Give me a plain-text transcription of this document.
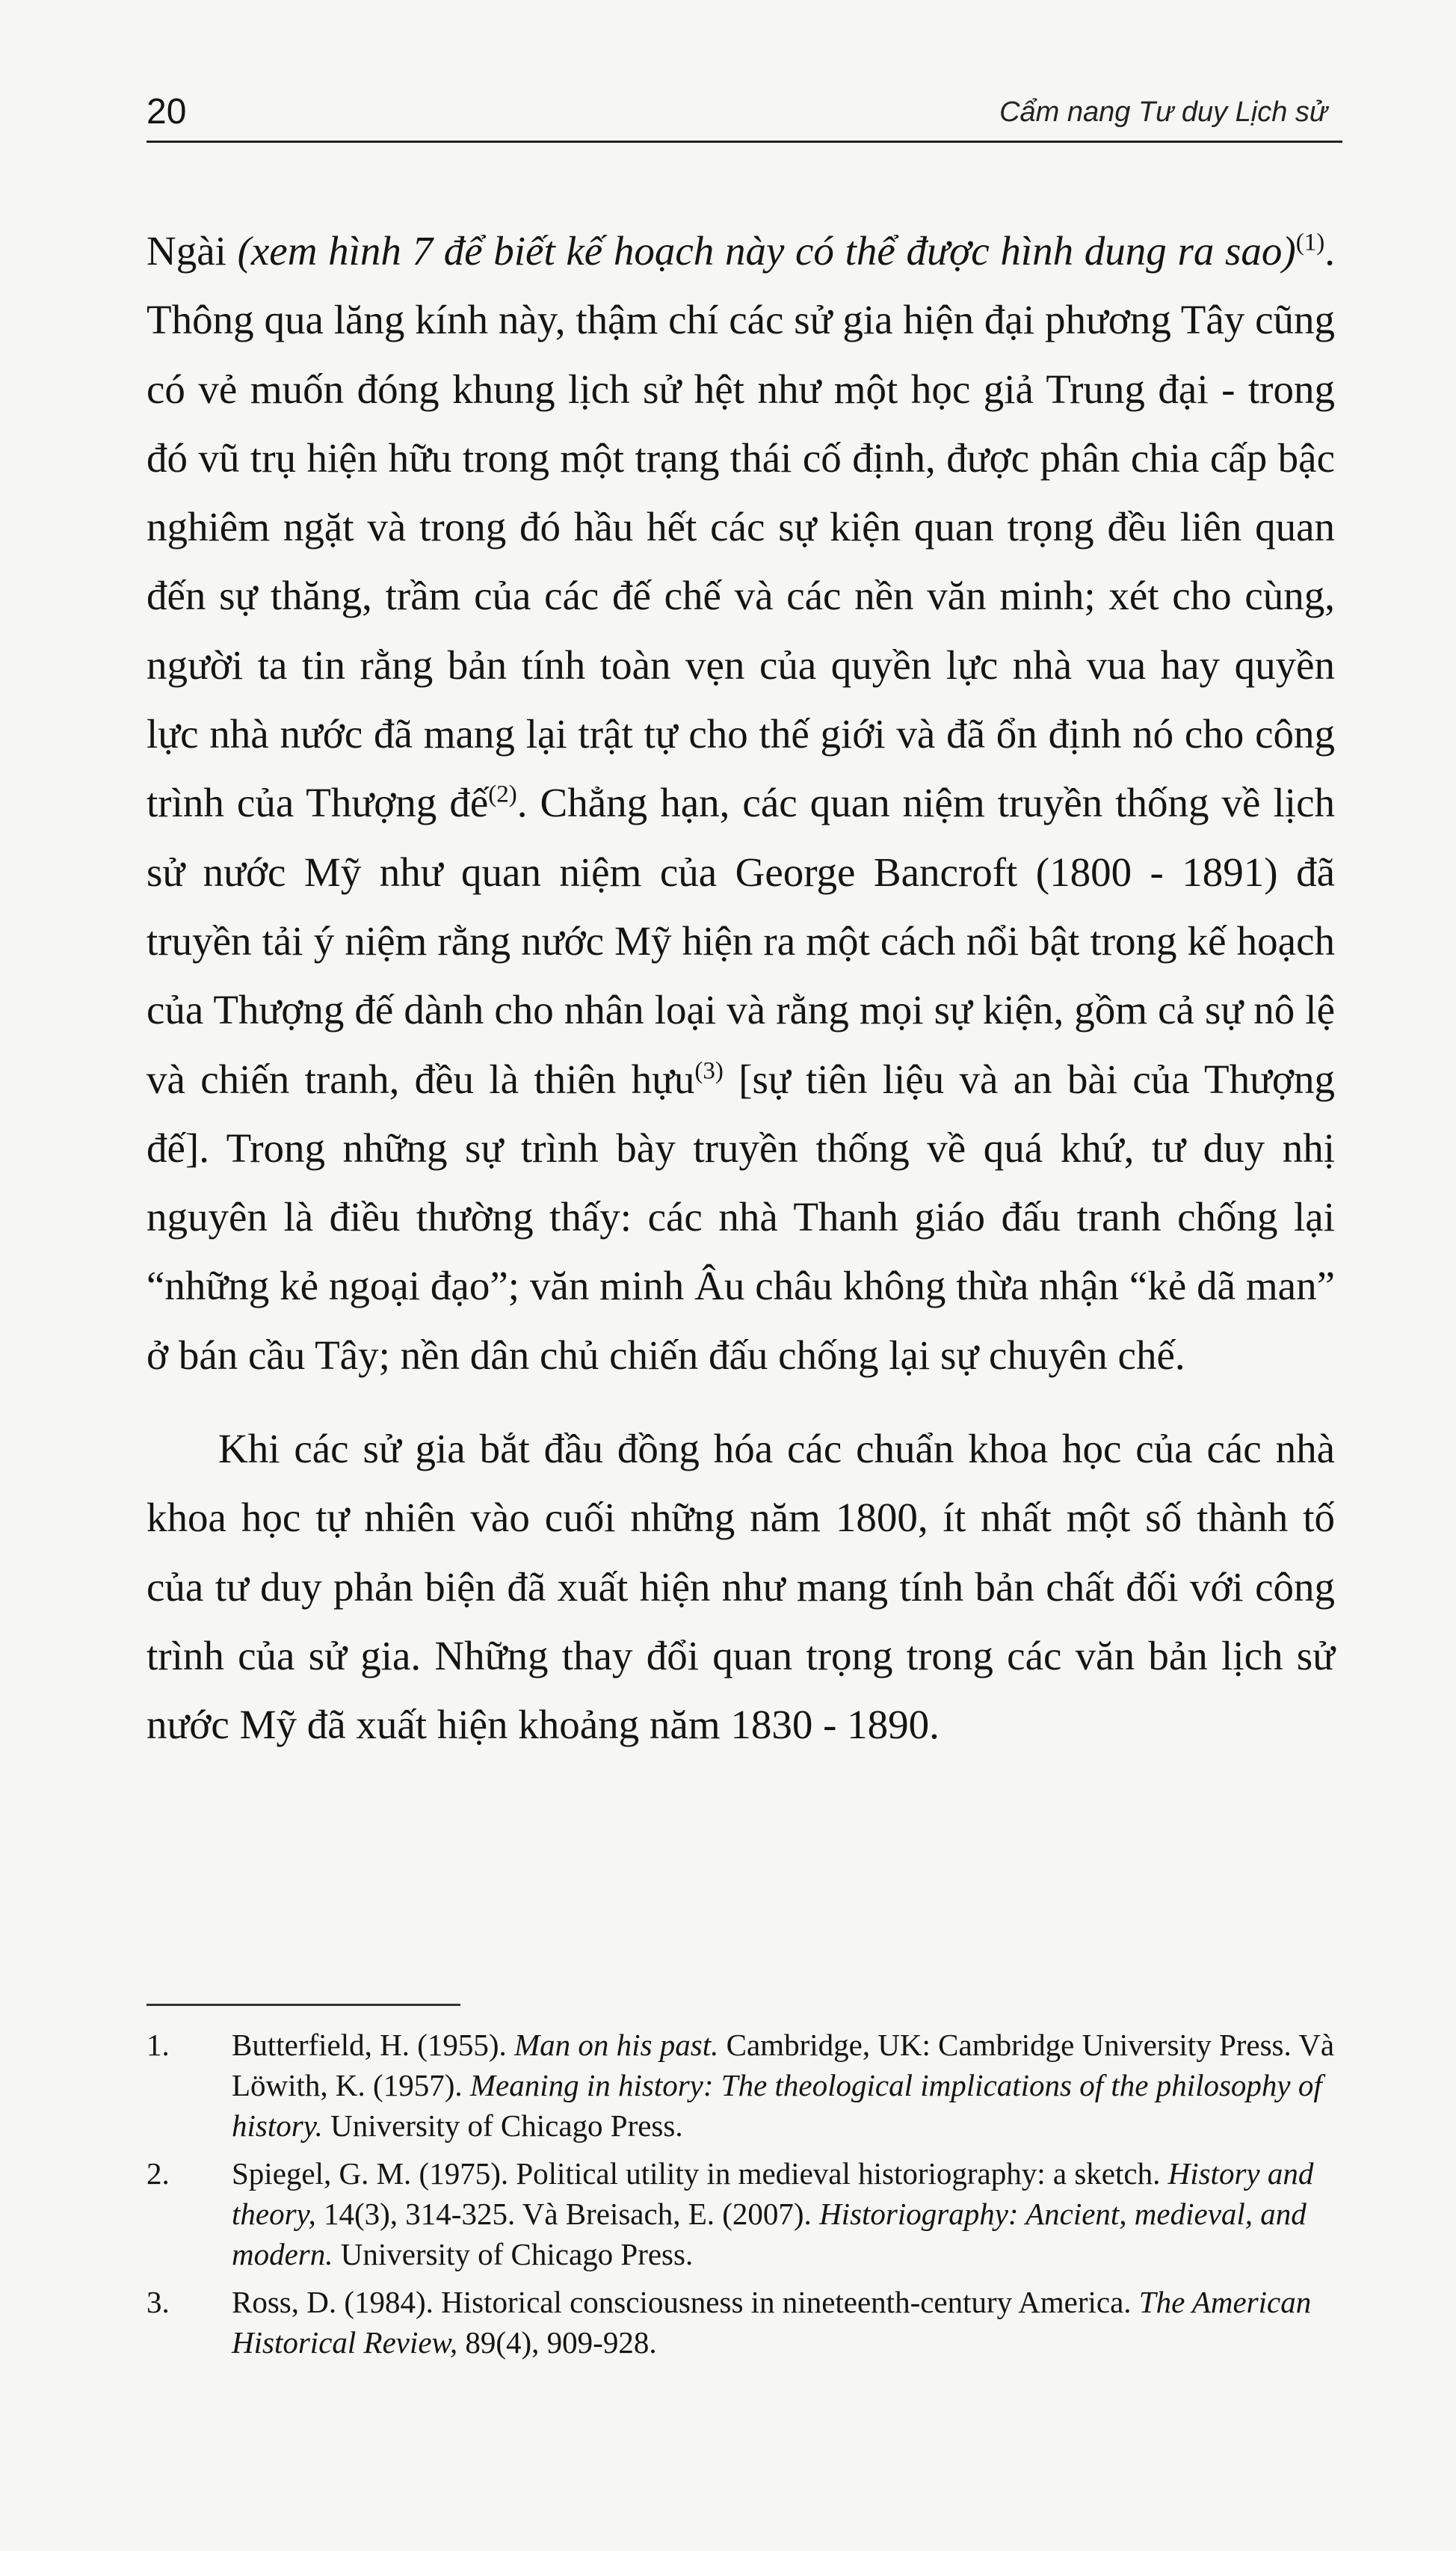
20	Cẩm nang Tư duy Lịch sử

Ngài (xem hình 7 để biết kế hoạch này có thể được hình dung ra sao)$^{(1)}$. Thông qua lăng kính này, thậm chí các sử gia hiện đại phương Tây cũng có vẻ muốn đóng khung lịch sử hệt như một học giả Trung đại - trong đó vũ trụ hiện hữu trong một trạng thái cố định, được phân chia cấp bậc nghiêm ngặt và trong đó hầu hết các sự kiện quan trọng đều liên quan đến sự thăng, trầm của các đế chế và các nền văn minh; xét cho cùng, người ta tin rằng bản tính toàn vẹn của quyền lực nhà vua hay quyền lực nhà nước đã mang lại trật tự cho thế giới và đã ổn định nó cho công trình của Thượng đế$^{(2)}$. Chẳng hạn, các quan niệm truyền thống về lịch sử nước Mỹ như quan niệm của George Bancroft (1800 - 1891) đã truyền tải ý niệm rằng nước Mỹ hiện ra một cách nổi bật trong kế hoạch của Thượng đế dành cho nhân loại và rằng mọi sự kiện, gồm cả sự nô lệ và chiến tranh, đều là thiên hựu$^{(3)}$ [sự tiên liệu và an bài của Thượng đế]. Trong những sự trình bày truyền thống về quá khứ, tư duy nhị nguyên là điều thường thấy: các nhà Thanh giáo đấu tranh chống lại “những kẻ ngoại đạo”; văn minh Âu châu không thừa nhận “kẻ dã man” ở bán cầu Tây; nền dân chủ chiến đấu chống lại sự chuyên chế.

Khi các sử gia bắt đầu đồng hóa các chuẩn khoa học của các nhà khoa học tự nhiên vào cuối những năm 1800, ít nhất một số thành tố của tư duy phản biện đã xuất hiện như mang tính bản chất đối với công trình của sử gia. Những thay đổi quan trọng trong các văn bản lịch sử nước Mỹ đã xuất hiện khoảng năm 1830 - 1890.

1. Butterfield, H. (1955). Man on his past. Cambridge, UK: Cambridge University Press. Và Löwith, K. (1957). Meaning in history: The theological implications of the philosophy of history. University of Chicago Press.
2. Spiegel, G. M. (1975). Political utility in medieval historiography: a sketch. History and theory, 14(3), 314-325. Và Breisach, E. (2007). Historiography: Ancient, medieval, and modern. University of Chicago Press.
3. Ross, D. (1984). Historical consciousness in nineteenth-century America. The American Historical Review, 89(4), 909-928.
